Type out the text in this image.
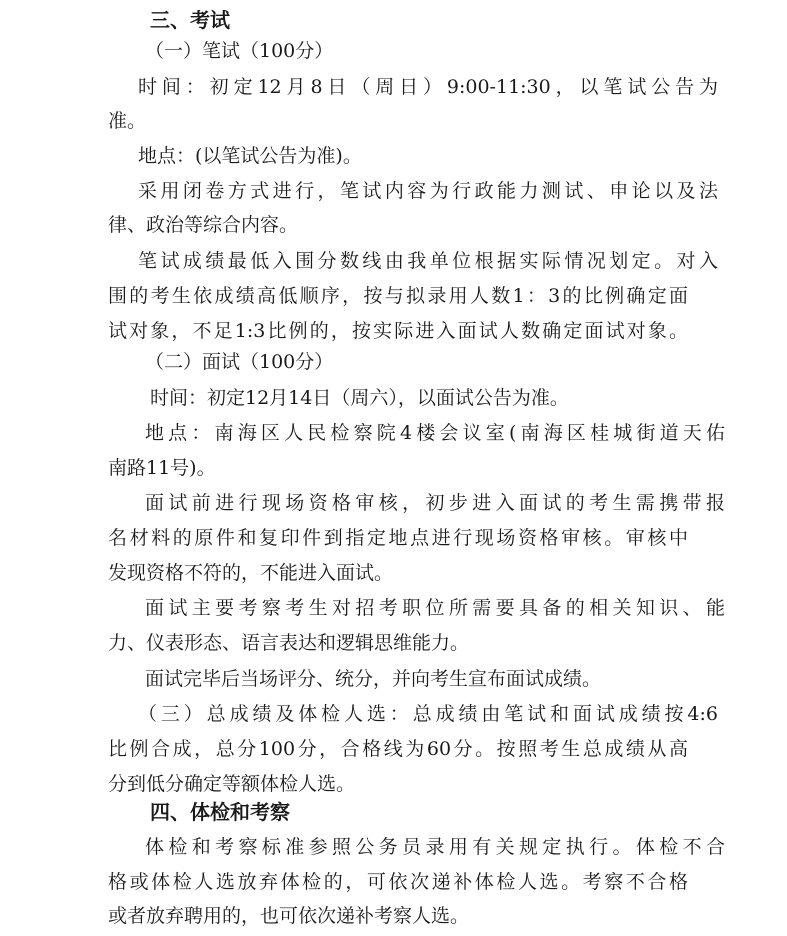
三、考试
（一）笔试（100分）
时间：初定12月8日（周日）9:00-11:30，以笔试公告为
准。
地点：(以笔试公告为准)。
采用闭卷方式进行，笔试内容为行政能力测试、申论以及法
律、政治等综合内容。
笔试成绩最低入围分数线由我单位根据实际情况划定。对入
围的考生依成绩高低顺序，按与拟录用人数1：3的比例确定面
试对象，不足1:3比例的，按实际进入面试人数确定面试对象。
（二）面试（100分）
时间：初定12月14日（周六），以面试公告为准。
地点：南海区人民检察院4楼会议室(南海区桂城街道天佑
南路11号)。
面试前进行现场资格审核，初步进入面试的考生需携带报
名材料的原件和复印件到指定地点进行现场资格审核。审核中
发现资格不符的，不能进入面试。
面试主要考察考生对招考职位所需要具备的相关知识、能
力、仪表形态、语言表达和逻辑思维能力。
面试完毕后当场评分、统分，并向考生宣布面试成绩。
（三）总成绩及体检人选：总成绩由笔试和面试成绩按4:6
比例合成，总分100分，合格线为60分。按照考生总成绩从高
分到低分确定等额体检人选。
四、体检和考察
体检和考察标准参照公务员录用有关规定执行。体检不合
格或体检人选放弃体检的，可依次递补体检人选。考察不合格
或者放弃聘用的，也可依次递补考察人选。
